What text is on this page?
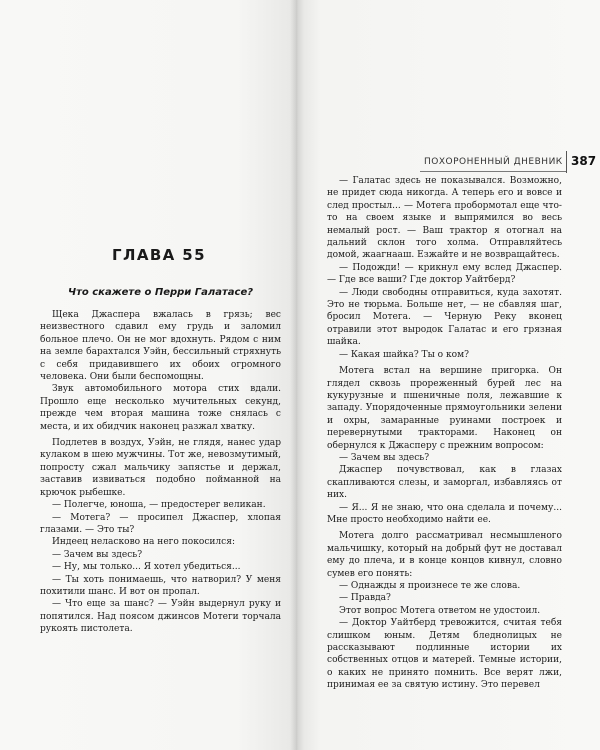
ГЛАВА 55
Что скажете о Перри Галатасе?

Щека Джаспера вжалась в грязь; вес неизвестного сдавил ему грудь и заломил больное плечо. Он не мог вдохнуть. Рядом с ним на земле барахтался Уэйн, бессильный стряхнуть с себя придавившего их обоих огромного человека. Они были беспомощны.

Звук автомобильного мотора стих вдали. Прошло еще несколько мучительных секунд, прежде чем вторая машина тоже снялась с места, и их обидчик наконец разжал хватку.

Подлетев в воздух, Уэйн, не глядя, нанес удар кулаком в шею мужчины. Тот же, невозмутимый, попросту сжал мальчику запястье и держал, заставив извиваться подобно пойманной на крючок рыбешке.

— Полегче, юноша, — предостерег великан.

— Мотега? — просипел Джаспер, хлопая глазами. — Это ты?

Индеец нелаcково на него покосился:

— Зачем вы здесь?

— Ну, мы только... Я хотел убедиться...

— Ты хоть понимаешь, что натворил? У меня похитили шанс. И вот он пропал.

— Что еще за шанс? — Уэйн выдернул руку и попятился. Над поясом джинсов Мотеги торчала рукоять пистолета.

ПОХОРОНЕННЫЙ ДНЕВНИК 387

— Галатас здесь не показывался. Возможно, не придет сюда никогда. А теперь его и вовсе и след простыл... — Мотега пробормотал еще что-то на своем языке и выпрямился во весь немалый рост. — Ваш трактор я отогнал на дальний склон того холма. Отправляйтесь домой, жаагнааш. Езжайте и не возвращайтесь.

— Подожди! — крикнул ему вслед Джаспер. — Где все ваши? Где доктор Уайтберд?

— Люди свободны отправиться, куда захотят. Это не тюрьма. Больше нет, — не сбавляя шаг, бросил Мотега. — Черную Реку вконец отравили этот выродок Галатас и его грязная шайка.

— Какая шайка? Ты о ком?

Мотега встал на вершине пригорка. Он глядел сквозь прореженный бурей лес на кукурузные и пшеничные поля, лежавшие к западу. Упорядоченные прямоугольники зелени и охры, замаранные руинами построек и перевернутыми тракторами. Наконец он обернулся к Джасперу с прежним вопросом:

— Зачем вы здесь?

Джаспер почувствовал, как в глазах скапливаются слезы, и заморгал, избавляясь от них.

— Я... Я не знаю, что она сделала и почему... Мне просто необходимо найти ее.

Мотега долго рассматривал несмышленого мальчишку, который на добрый фут не доставал ему до плеча, и в конце концов кивнул, словно сумев его понять:

— Однажды я произнесе те же слова.

— Правда?

Этот вопрос Мотега ответом не удостоил.

— Доктор Уайтберд тревожится, считая тебя слишком юным. Детям бледнолицых не рассказывают подлинные истории их собственных отцов и матерей. Темные истории, о каких не принято помнить. Все верят лжи, принимая ее за святую истину. Это перевел
